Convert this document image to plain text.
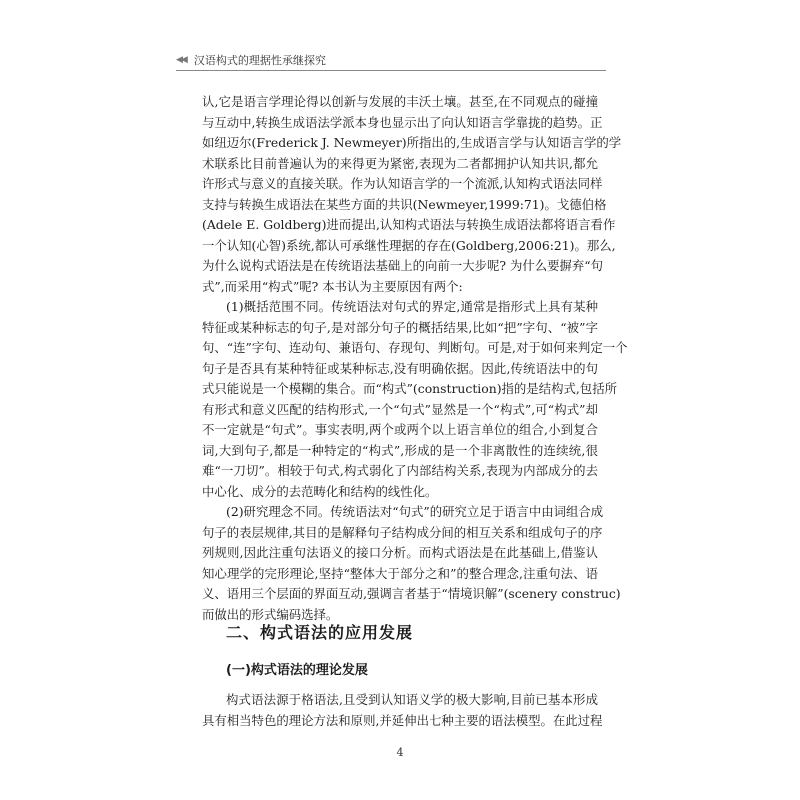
◀◀ 汉语构式的理据性承继探究
认,它是语言学理论得以创新与发展的丰沃土壤。甚至,在不同观点的碰撞
与互动中,转换生成语法学派本身也显示出了向认知语言学靠拢的趋势。正
如纽迈尔(Frederick J. Newmeyer)所指出的,生成语言学与认知语言学的学
术联系比目前普遍认为的来得更为紧密,表现为二者都拥护认知共识,都允
许形式与意义的直接关联。作为认知语言学的一个流派,认知构式语法同样
支持与转换生成语法在某些方面的共识(Newmeyer,1999:71)。戈德伯格
(Adele E. Goldberg)进而提出,认知构式语法与转换生成语法都将语言看作
一个认知(心智)系统,都认可承继性理据的存在(Goldberg,2006:21)。那么,
为什么说构式语法是在传统语法基础上的向前一大步呢? 为什么要摒弃“句
式”,而采用“构式”呢? 本书认为主要原因有两个:
(1)概括范围不同。传统语法对句式的界定,通常是指形式上具有某种
特征或某种标志的句子,是对部分句子的概括结果,比如“把”字句、“被”字
句、“连”字句、连动句、兼语句、存现句、判断句。可是,对于如何来判定一个
句子是否具有某种特征或某种标志,没有明确依据。因此,传统语法中的句
式只能说是一个模糊的集合。而“构式”(construction)指的是结构式,包括所
有形式和意义匹配的结构形式,一个“句式”显然是一个“构式”,可“构式”却
不一定就是“句式”。事实表明,两个或两个以上语言单位的组合,小到复合
词,大到句子,都是一种特定的“构式”,形成的是一个非离散性的连续统,很
难“一刀切”。相较于句式,构式弱化了内部结构关系,表现为内部成分的去
中心化、成分的去范畴化和结构的线性化。
(2)研究理念不同。传统语法对“句式”的研究立足于语言中由词组合成
句子的表层规律,其目的是解释句子结构成分间的相互关系和组成句子的序
列规则,因此注重句法语义的接口分析。而构式语法是在此基础上,借鉴认
知心理学的完形理论,坚持“整体大于部分之和”的整合理念,注重句法、语
义、语用三个层面的界面互动,强调言者基于“情境识解”(scenery construc)
而做出的形式编码选择。
二、构式语法的应用发展
(一)构式语法的理论发展
构式语法源于格语法,且受到认知语义学的极大影响,目前已基本形成
具有相当特色的理论方法和原则,并延伸出七种主要的语法模型。在此过程
4
